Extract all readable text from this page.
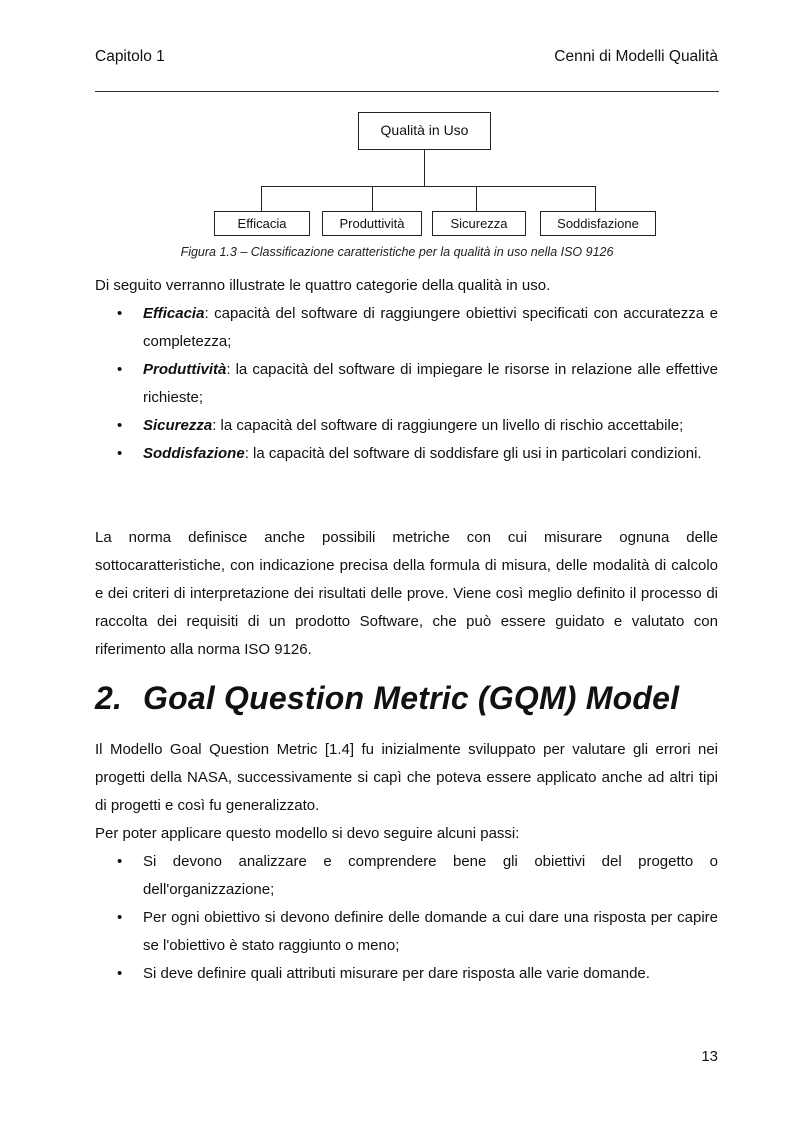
Capitolo 1	Cenni di Modelli Qualità
Qualità in Uso
Efficacia	Produttività	Sicurezza	Soddisfazione
Figura 1.3 – Classificazione caratteristiche per la qualità in uso nella ISO 9126
Di seguito verranno illustrate le quattro categorie della qualità in uso.
• Efficacia: capacità del software di raggiungere obiettivi specificati con accuratezza e completezza;
• Produttività: la capacità del software di impiegare le risorse in relazione alle effettive richieste;
• Sicurezza: la capacità del software di raggiungere un livello di rischio accettabile;
• Soddisfazione: la capacità del software di soddisfare gli usi in particolari condizioni.
La norma definisce anche possibili metriche con cui misurare ognuna delle sottocaratteristiche, con indicazione precisa della formula di misura, delle modalità di calcolo e dei criteri di interpretazione dei risultati delle prove. Viene così meglio definito il processo di raccolta dei requisiti di un prodotto Software, che può essere guidato e valutato con riferimento alla norma ISO 9126.
2. Goal Question Metric (GQM) Model
Il Modello Goal Question Metric [1.4] fu inizialmente sviluppato per valutare gli errori nei progetti della NASA, successivamente si capì che poteva essere applicato anche ad altri tipi di progetti e così fu generalizzato.
Per poter applicare questo modello si devo seguire alcuni passi:
• Si devono analizzare e comprendere bene gli obiettivi del progetto o dell'organizzazione;
• Per ogni obiettivo si devono definire delle domande a cui dare una risposta per capire se l'obiettivo è stato raggiunto o meno;
• Si deve definire quali attributi misurare per dare risposta alle varie domande.
13
